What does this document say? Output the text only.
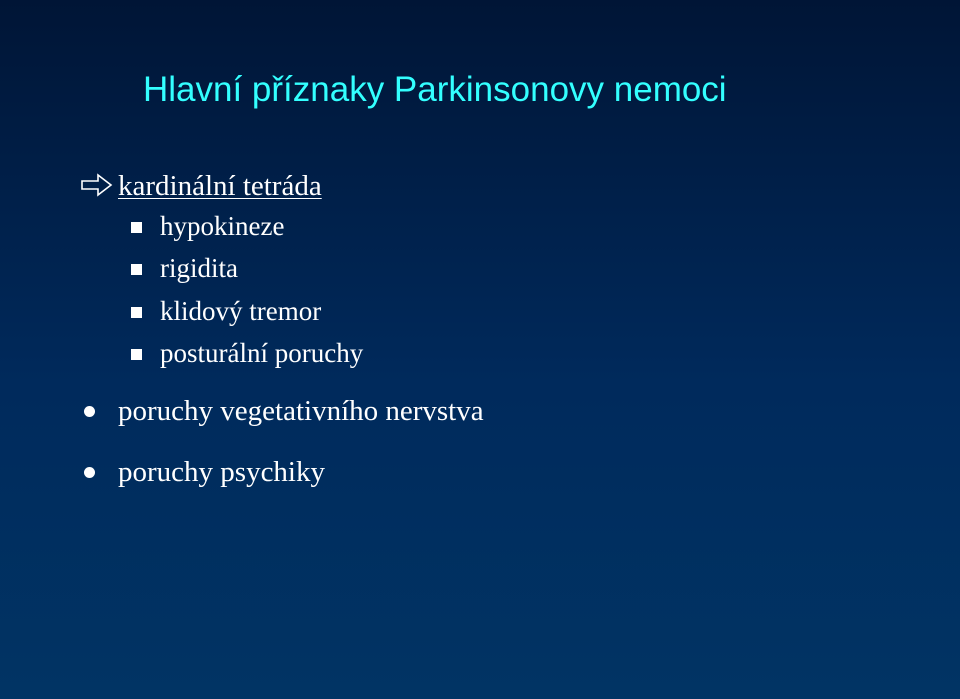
Hlavní příznaky Parkinsonovy nemoci
kardinální tetráda
hypokineze
rigidita
klidový tremor
posturální poruchy
poruchy vegetativního nervstva
poruchy psychiky
